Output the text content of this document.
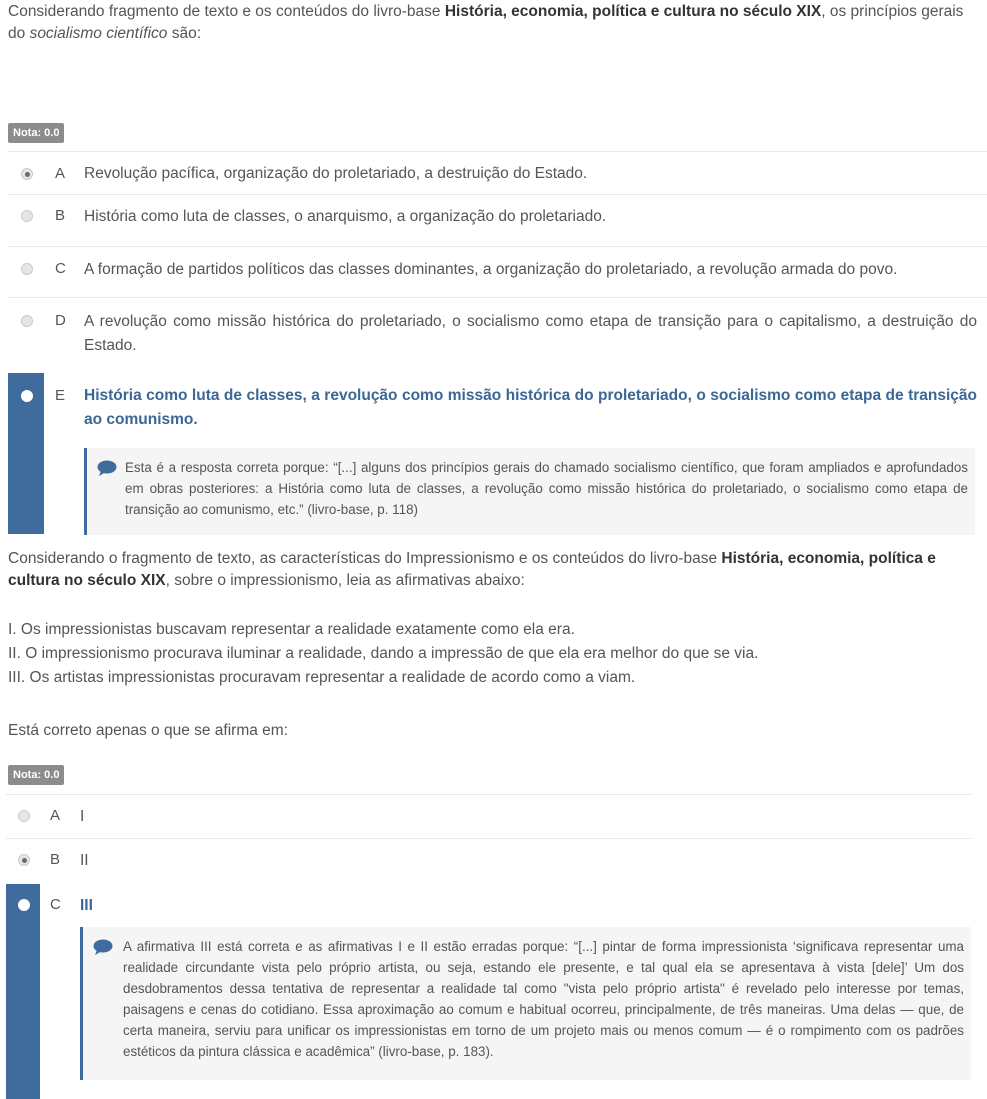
Considerando fragmento de texto e os conteúdos do livro-base História, economia, política e cultura no século XIX, os princípios gerais do socialismo científico são:
Nota: 0.0
A Revolução pacífica, organização do proletariado, a destruição do Estado.
B História como luta de classes, o anarquismo, a organização do proletariado.
C A formação de partidos políticos das classes dominantes, a organização do proletariado, a revolução armada do povo.
D A revolução como missão histórica do proletariado, o socialismo como etapa de transição para o capitalismo, a destruição do Estado.
E História como luta de classes, a revolução como missão histórica do proletariado, o socialismo como etapa de transição ao comunismo.
Esta é a resposta correta porque: “[...] alguns dos princípios gerais do chamado socialismo científico, que foram ampliados e aprofundados em obras posteriores: a História como luta de classes, a revolução como missão histórica do proletariado, o socialismo como etapa de transição ao comunismo, etc.” (livro-base, p. 118)
Considerando o fragmento de texto, as características do Impressionismo e os conteúdos do livro-base História, economia, política e cultura no século XIX, sobre o impressionismo, leia as afirmativas abaixo:
I. Os impressionistas buscavam representar a realidade exatamente como ela era.
II. O impressionismo procurava iluminar a realidade, dando a impressão de que ela era melhor do que se via.
III. Os artistas impressionistas procuravam representar a realidade de acordo como a viam.
Está correto apenas o que se afirma em:
Nota: 0.0
A I
B II
C III
A afirmativa III está correta e as afirmativas I e II estão erradas porque: “[...] pintar de forma impressionista ‘significava representar uma realidade circundante vista pelo próprio artista, ou seja, estando ele presente, e tal qual ela se apresentava à vista [dele]’ Um dos desdobramentos dessa tentativa de representar a realidade tal como "vista pelo próprio artista" é revelado pelo interesse por temas, paisagens e cenas do cotidiano. Essa aproximação ao comum e habitual ocorreu, principalmente, de três maneiras. Uma delas — que, de certa maneira, serviu para unificar os impressionistas em torno de um projeto mais ou menos comum — é o rompimento com os padrões estéticos da pintura clássica e acadêmica” (livro-base, p. 183).
